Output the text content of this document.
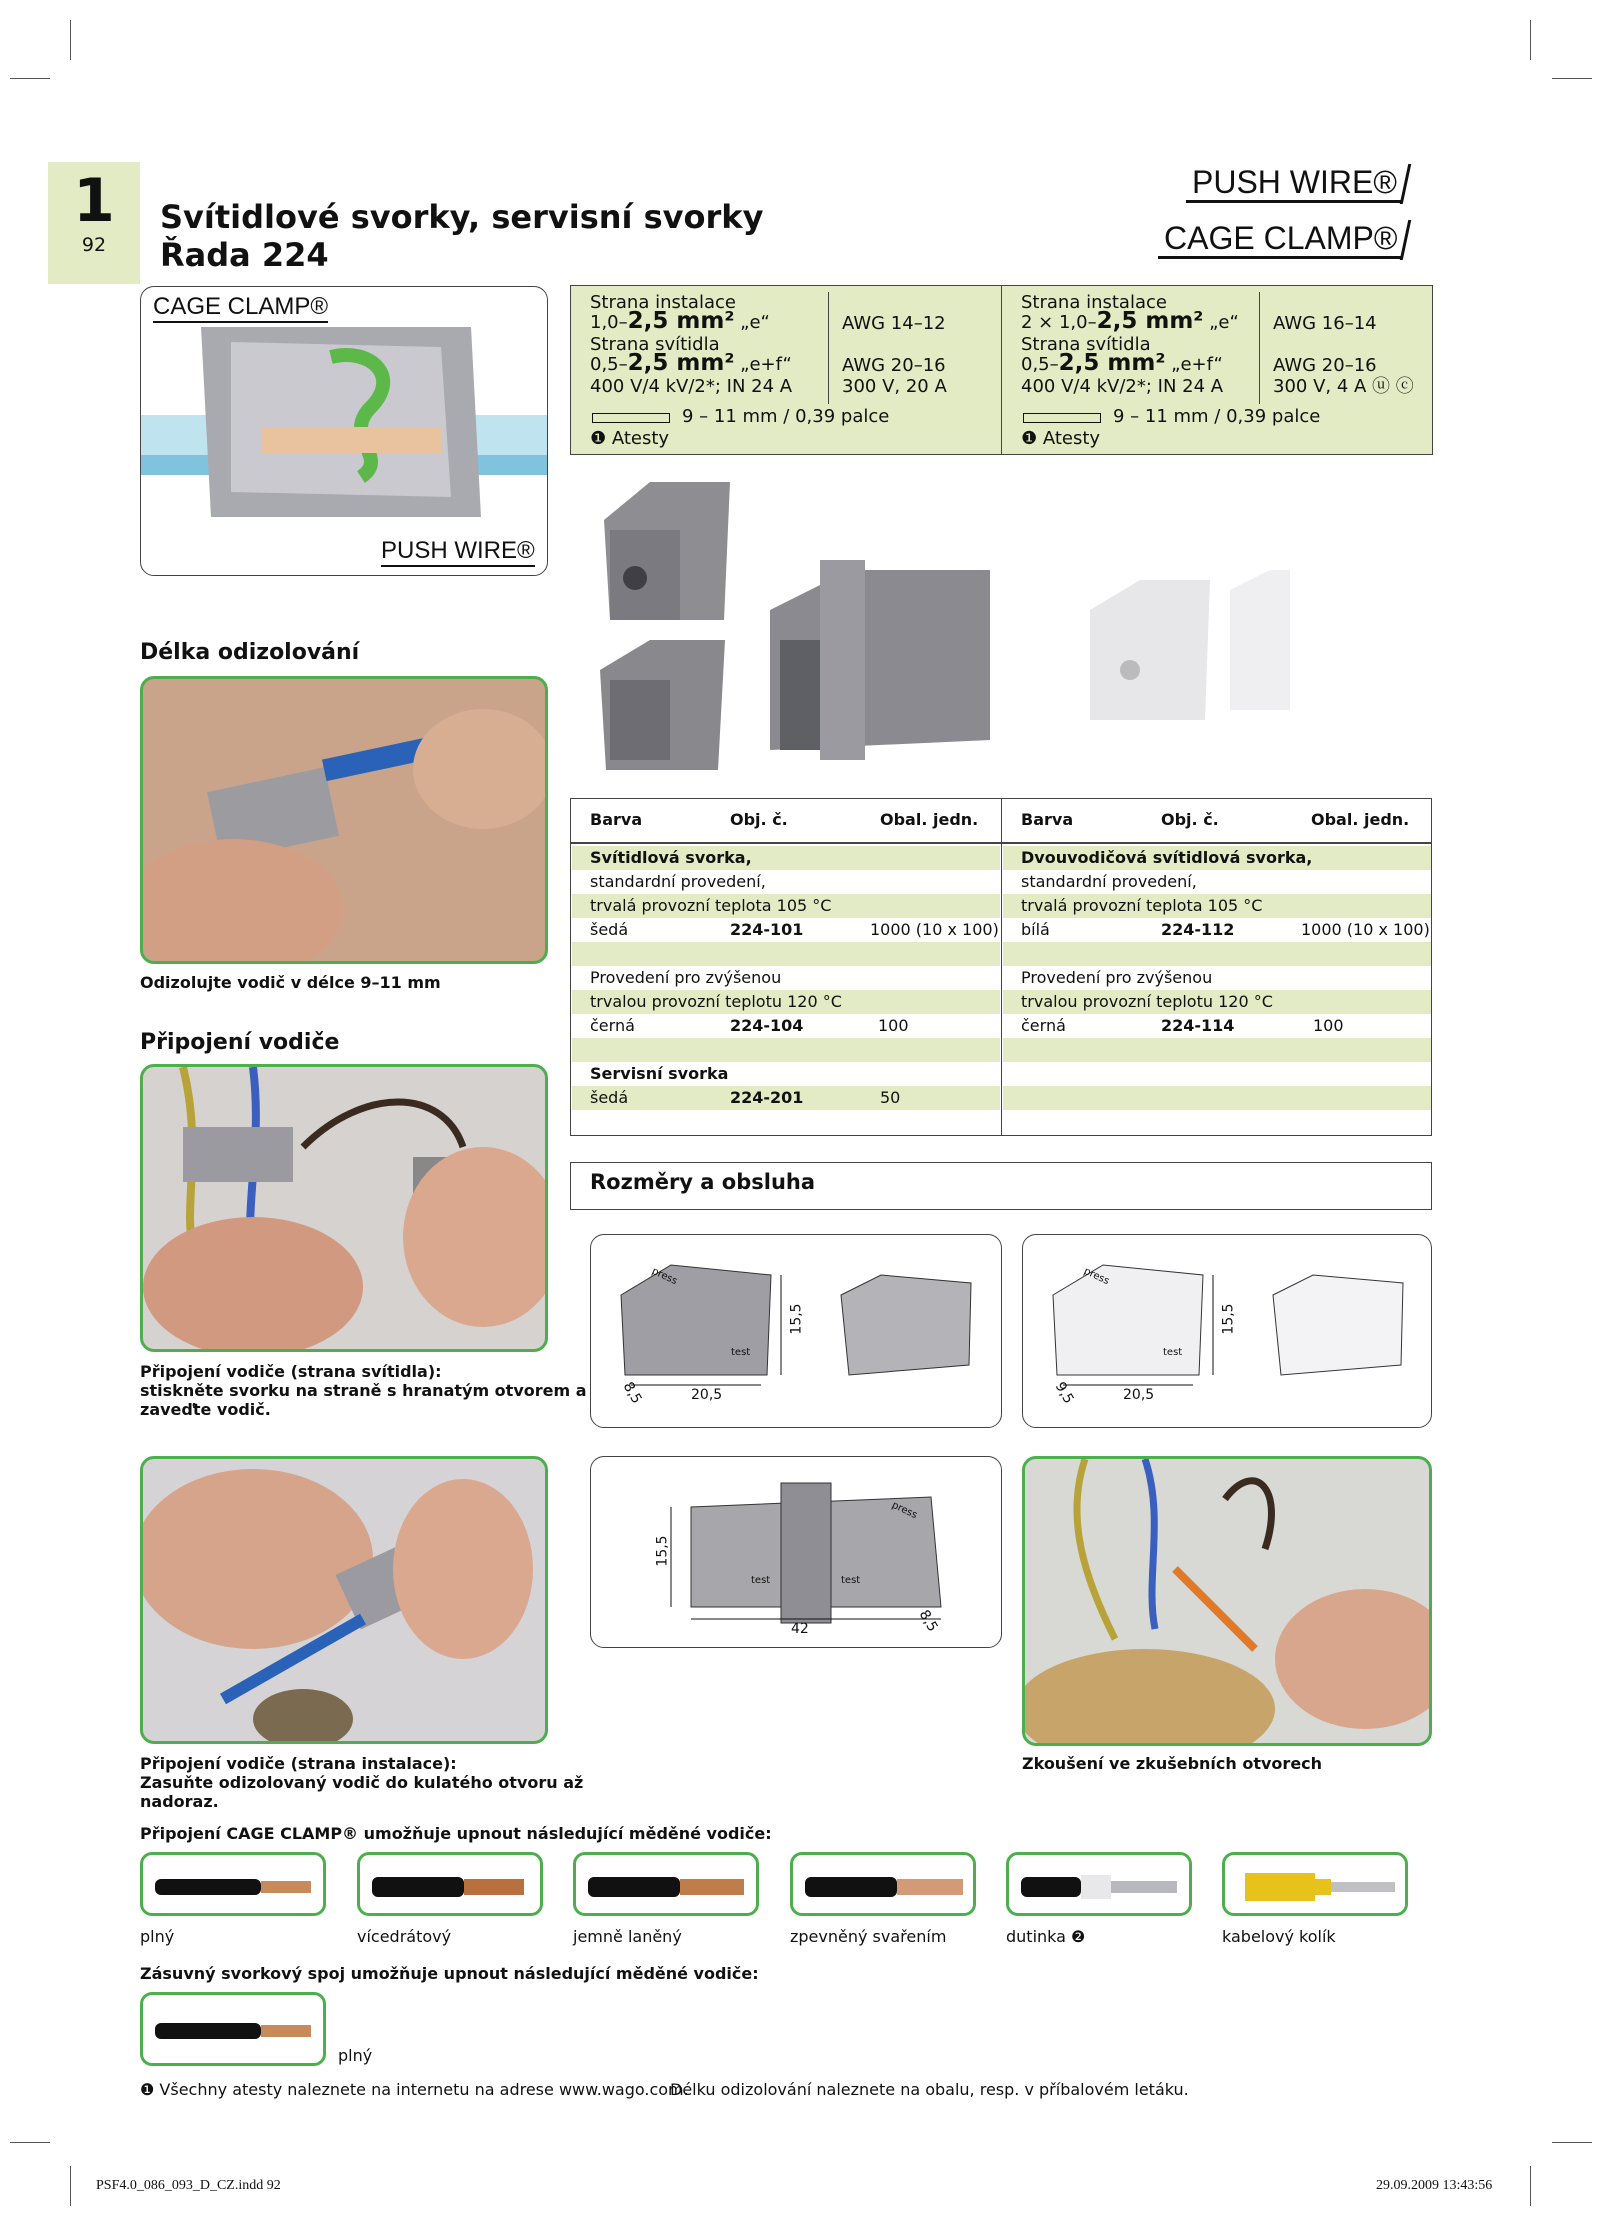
1
92
Svítidlové svorky, servisní svorky
Řada 224
PUSH WIRE®
CAGE CLAMP®
CAGE CLAMP®
PUSH WIRE®
Strana instalace
1,0–2,5 mm² „e“	AWG 14–12
Strana svítidla
0,5–2,5 mm² „e+f“	AWG 20–16
400 V/4 kV/2*; IN 24 A	300 V, 20 A
9 – 11 mm / 0,39 palce
❶ Atesty
Strana instalace
2 × 1,0–2,5 mm² „e“ AWG 16–14
Strana svítidla
0,5–2,5 mm² „e+f“	AWG 20–16
400 V/4 kV/2*; IN 24 A	300 V, 4 A ⓤ ⓒ
9 – 11 mm / 0,39 palce
❶ Atesty
Délka odizolování
Odizolujte vodič v délce 9–11 mm
Připojení vodiče
Připojení vodiče (strana svítidla):
stiskněte svorku na straně s hranatým otvorem a
zaveďte vodič.
Připojení vodiče (strana instalace):
Zasuňte odizolovaný vodič do kulatého otvoru až
nadoraz.
Barva	Obj. č.	Obal. jedn.
Svítidlová svorka,
standardní provedení,
trvalá provozní teplota 105 °C
šedá	224-101	1000 (10 x 100)
Provedení pro zvýšenou
trvalou provozní teplotu 120 °C
černá	224-104	100
Servisní svorka
šedá	224-201	50
Barva	Obj. č.	Obal. jedn.
Dvouvodičová svítidlová svorka,
standardní provedení,
trvalá provozní teplota 105 °C
bílá	224-112	1000 (10 x 100)
Provedení pro zvýšenou
trvalou provozní teplotu 120 °C
černá	224-114	100
Rozměry a obsluha
15,5
20,5
8,5
press
test
15,5
20,5
9,5
press
test
15,5
42	8,5
press
test	test
Zkoušení ve zkušebních otvorech
Připojení CAGE CLAMP® umožňuje upnout následující měděné vodiče:
plný	vícedrátový	jemně laněný	zpevněný svařením	dutinka ❷	kabelový kolík
Zásuvný svorkový spoj umožňuje upnout následující měděné vodiče:
plný
❶ Všechny atesty naleznete na internetu na adrese www.wago.com.
Délku odizolování naleznete na obalu, resp. v příbalovém letáku.
PSF4.0_086_093_D_CZ.indd 92	29.09.2009 13:43:56
